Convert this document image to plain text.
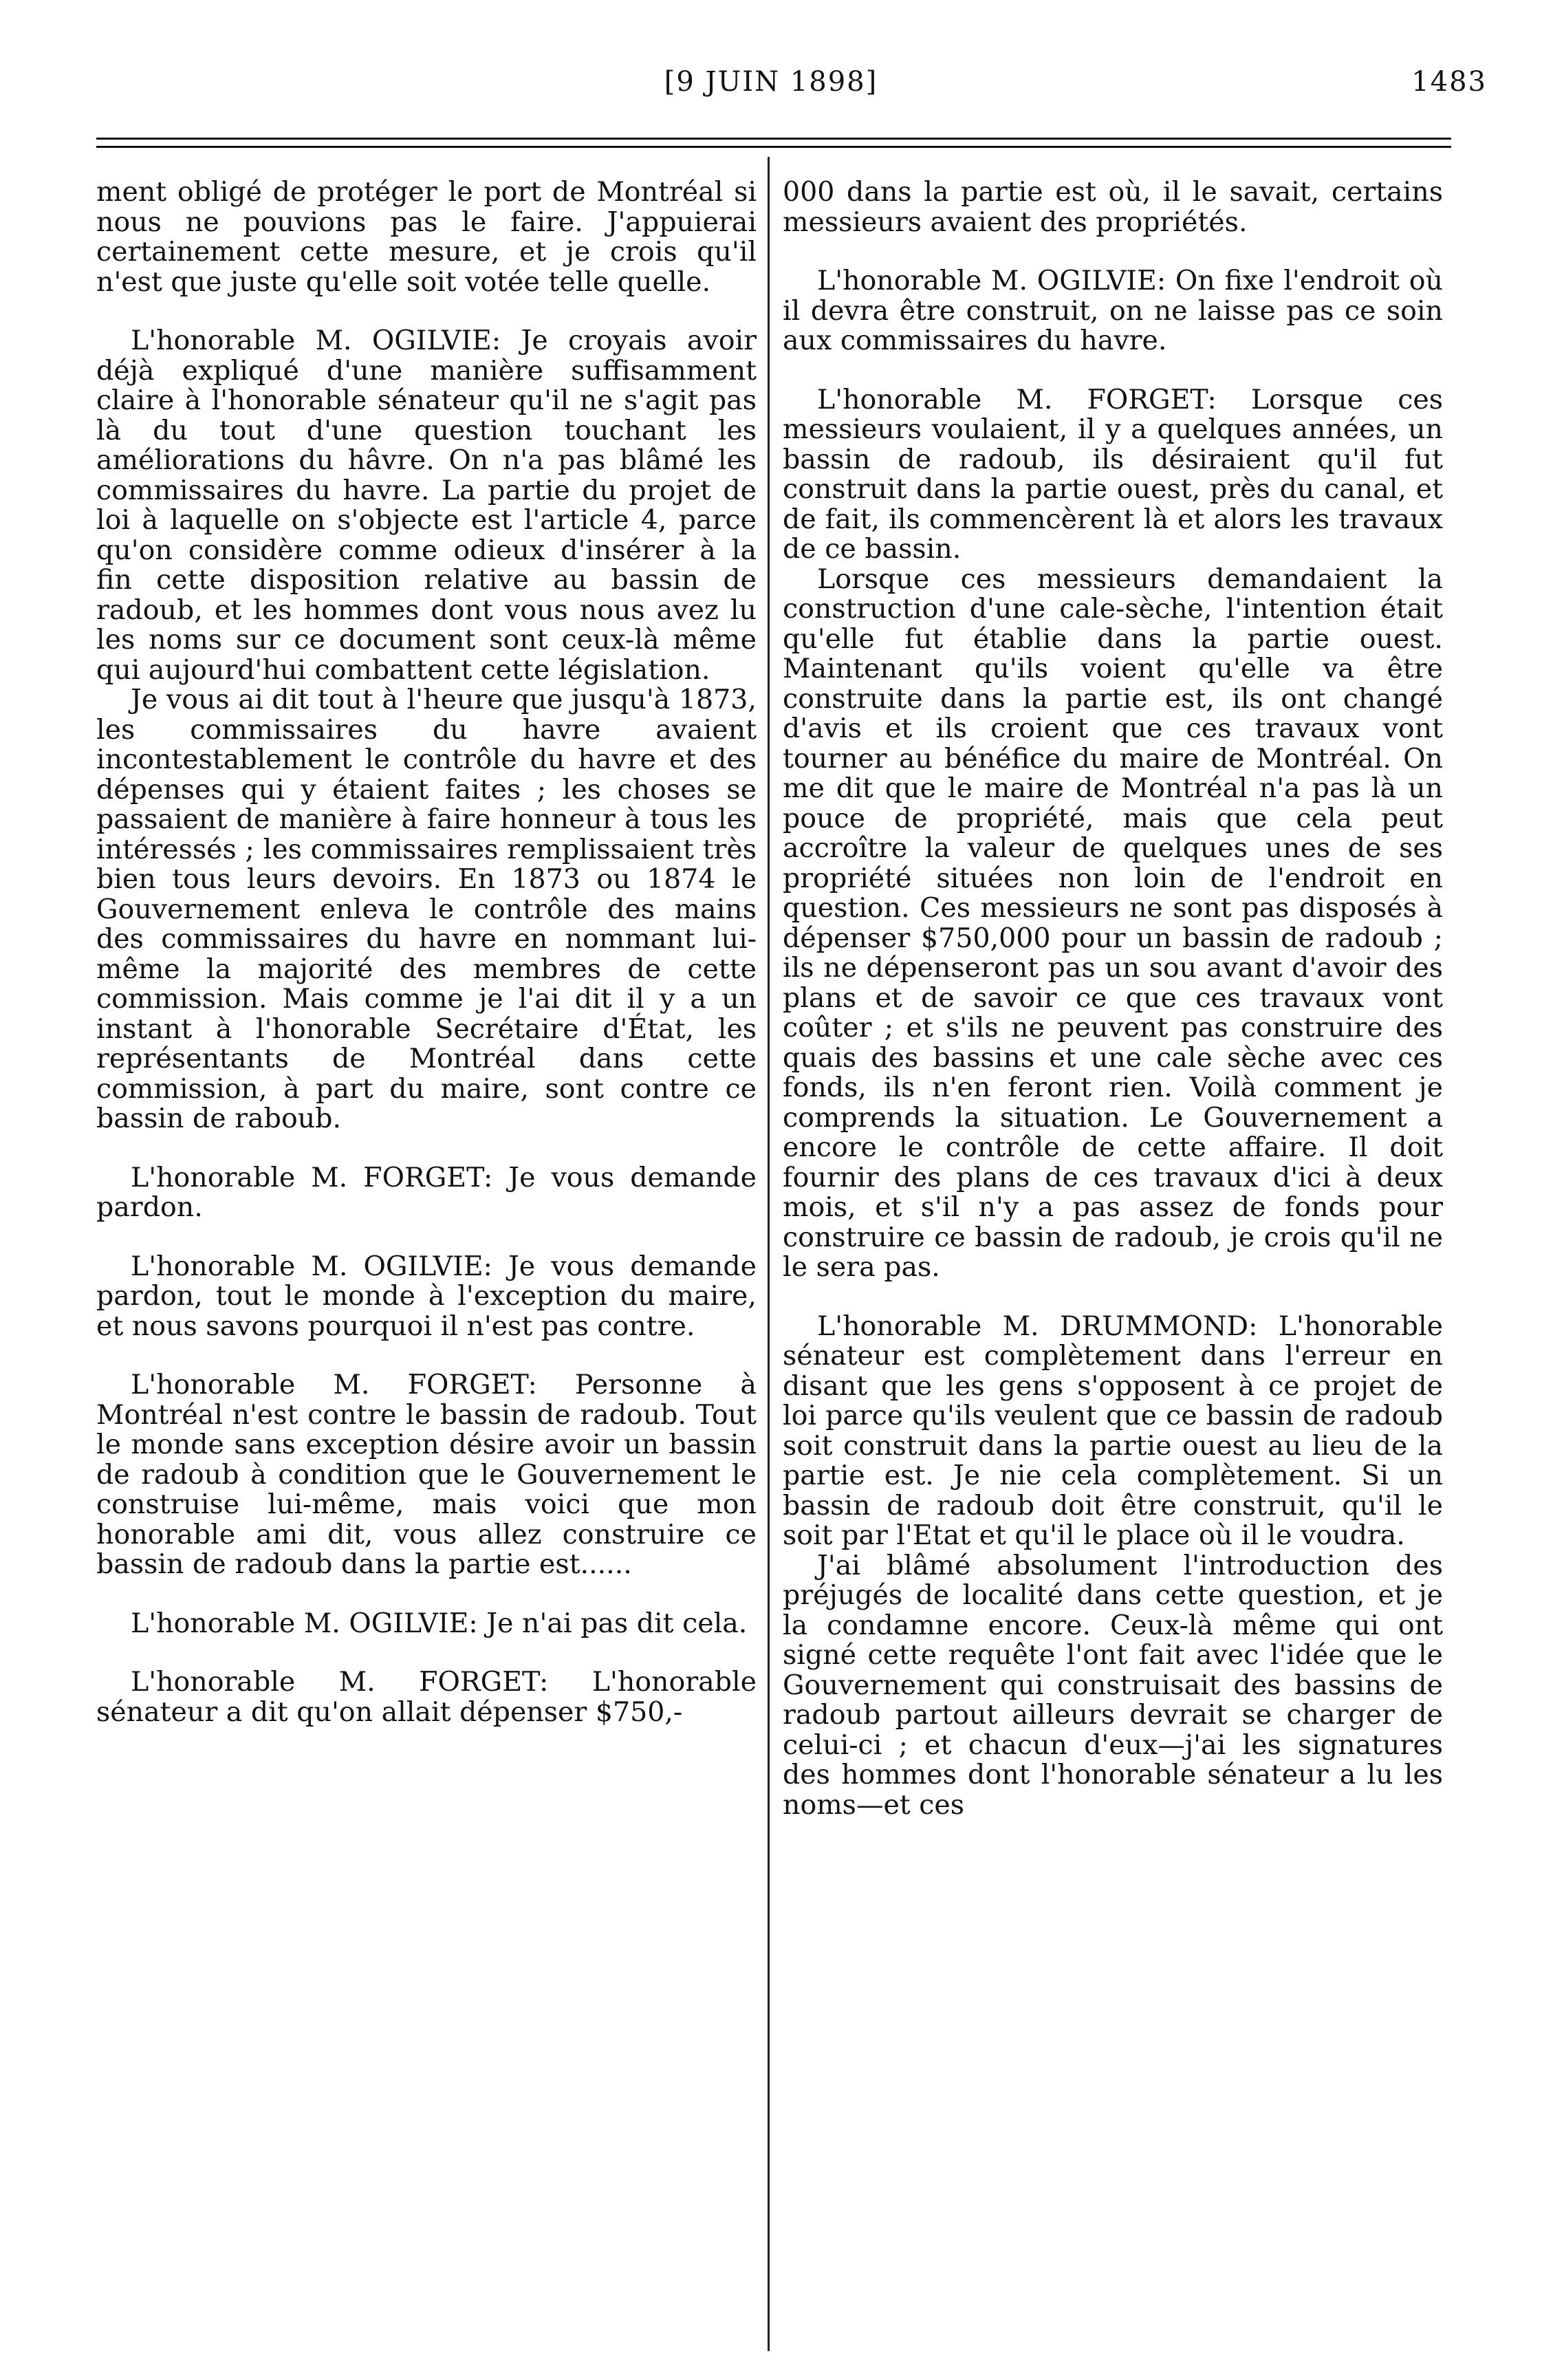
[9 JUIN 1898]	1483

ment obligé de protéger le port de Montréal si nous ne pouvions pas le faire. J'appuierai certainement cette mesure, et je crois qu'il n'est que juste qu'elle soit votée telle quelle.

L'honorable M. OGILVIE: Je croyais avoir déjà expliqué d'une manière suffisamment claire à l'honorable sénateur qu'il ne s'agit pas là du tout d'une question touchant les améliorations du hâvre. On n'a pas blâmé les commissaires du havre. La partie du projet de loi à laquelle on s'objecte est l'article 4, parce qu'on considère comme odieux d'insérer à la fin cette disposition relative au bassin de radoub, et les hommes dont vous nous avez lu les noms sur ce document sont ceux-là même qui aujourd'hui combattent cette législation.

Je vous ai dit tout à l'heure que jusqu'à 1873, les commissaires du havre avaient incontestablement le contrôle du havre et des dépenses qui y étaient faites ; les choses se passaient de manière à faire honneur à tous les intéressés ; les commissaires remplissaient très bien tous leurs devoirs. En 1873 ou 1874 le Gouvernement enleva le contrôle des mains des commissaires du havre en nommant lui-même la majorité des membres de cette commission. Mais comme je l'ai dit il y a un instant à l'honorable Secrétaire d'État, les représentants de Montréal dans cette commission, à part du maire, sont contre ce bassin de raboub.

L'honorable M. FORGET: Je vous demande pardon.

L'honorable M. OGILVIE: Je vous demande pardon, tout le monde à l'exception du maire, et nous savons pourquoi il n'est pas contre.

L'honorable M. FORGET: Personne à Montréal n'est contre le bassin de radoub. Tout le monde sans exception désire avoir un bassin de radoub à condition que le Gouvernement le construise lui-même, mais voici que mon honorable ami dit, vous allez construire ce bassin de radoub dans la partie est......

L'honorable M. OGILVIE: Je n'ai pas dit cela.

L'honorable M. FORGET: L'honorable sénateur a dit qu'on allait dépenser $750,-

000 dans la partie est où, il le savait, certains messieurs avaient des propriétés.

L'honorable M. OGILVIE: On fixe l'endroit où il devra être construit, on ne laisse pas ce soin aux commissaires du havre.

L'honorable M. FORGET: Lorsque ces messieurs voulaient, il y a quelques années, un bassin de radoub, ils désiraient qu'il fut construit dans la partie ouest, près du canal, et de fait, ils commencèrent là et alors les travaux de ce bassin.

Lorsque ces messieurs demandaient la construction d'une cale-sèche, l'intention était qu'elle fut établie dans la partie ouest. Maintenant qu'ils voient qu'elle va être construite dans la partie est, ils ont changé d'avis et ils croient que ces travaux vont tourner au bénéfice du maire de Montréal. On me dit que le maire de Montréal n'a pas là un pouce de propriété, mais que cela peut accroître la valeur de quelques unes de ses propriété situées non loin de l'endroit en question. Ces messieurs ne sont pas disposés à dépenser $750,000 pour un bassin de radoub ; ils ne dépenseront pas un sou avant d'avoir des plans et de savoir ce que ces travaux vont coûter ; et s'ils ne peuvent pas construire des quais des bassins et une cale sèche avec ces fonds, ils n'en feront rien. Voilà comment je comprends la situation. Le Gouvernement a encore le contrôle de cette affaire. Il doit fournir des plans de ces travaux d'ici à deux mois, et s'il n'y a pas assez de fonds pour construire ce bassin de radoub, je crois qu'il ne le sera pas.

L'honorable M. DRUMMOND: L'honorable sénateur est complètement dans l'erreur en disant que les gens s'opposent à ce projet de loi parce qu'ils veulent que ce bassin de radoub soit construit dans la partie ouest au lieu de la partie est. Je nie cela complètement. Si un bassin de radoub doit être construit, qu'il le soit par l'Etat et qu'il le place où il le voudra.

J'ai blâmé absolument l'introduction des préjugés de localité dans cette question, et je la condamne encore. Ceux-là même qui ont signé cette requête l'ont fait avec l'idée que le Gouvernement qui construisait des bassins de radoub partout ailleurs devrait se charger de celui-ci ; et chacun d'eux—j'ai les signatures des hommes dont l'honorable sénateur a lu les noms—et ces
